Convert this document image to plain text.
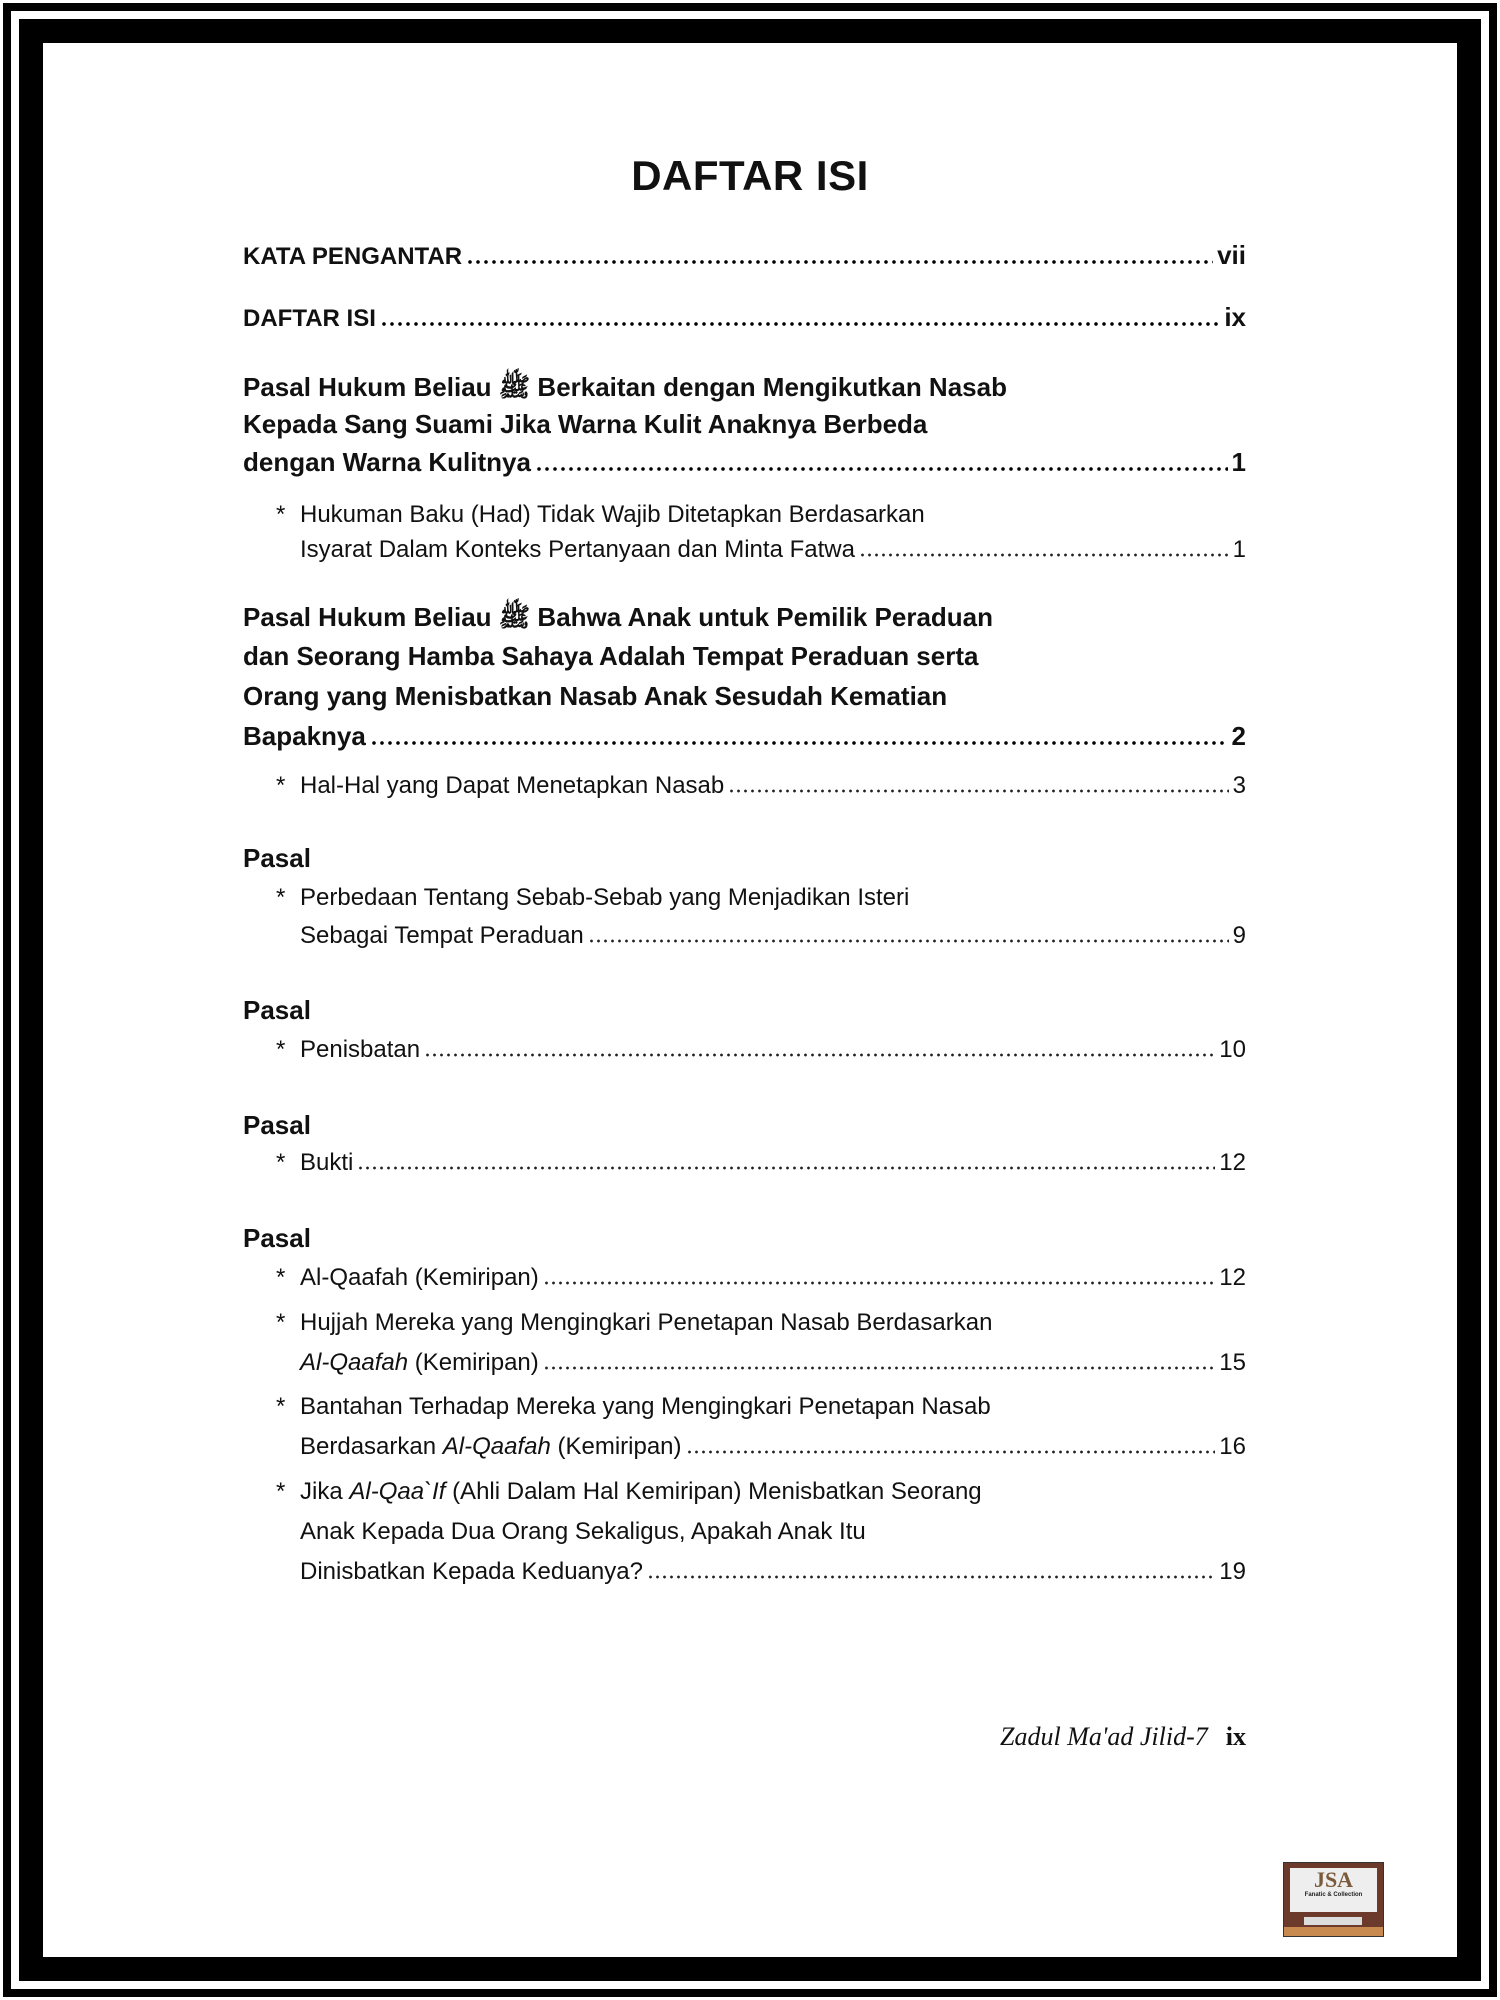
DAFTAR ISI
KATA PENGANTAR	vii
DAFTAR ISI	ix
Pasal Hukum Beliau ﷺ Berkaitan dengan Mengikutkan Nasab
Kepada Sang Suami Jika Warna Kulit Anaknya Berbeda
dengan Warna Kulitnya	1
* Hukuman Baku (Had) Tidak Wajib Ditetapkan Berdasarkan
Isyarat Dalam Konteks Pertanyaan dan Minta Fatwa	1
Pasal Hukum Beliau ﷺ Bahwa Anak untuk Pemilik Peraduan
dan Seorang Hamba Sahaya Adalah Tempat Peraduan serta
Orang yang Menisbatkan Nasab Anak Sesudah Kematian
Bapaknya	2
* Hal-Hal yang Dapat Menetapkan Nasab	3
Pasal
* Perbedaan Tentang Sebab-Sebab yang Menjadikan Isteri
Sebagai Tempat Peraduan	9
Pasal
* Penisbatan	10
Pasal
* Bukti	12
Pasal
* Al-Qaafah (Kemiripan)	12
* Hujjah Mereka yang Mengingkari Penetapan Nasab Berdasarkan
Al-Qaafah
(Kemiripan)	15
* Bantahan Terhadap Mereka yang Mengingkari Penetapan Nasab
Berdasarkan
Al-Qaafah
(Kemiripan)	16
* Jika
Al-Qaa`If
(Ahli Dalam Hal Kemiripan) Menisbatkan Seorang
Anak Kepada Dua Orang Sekaligus, Apakah Anak Itu
Dinisbatkan Kepada Keduanya?	19
Zadul Ma'ad Jilid-7 ix
JSA
Fanatic & Collection
